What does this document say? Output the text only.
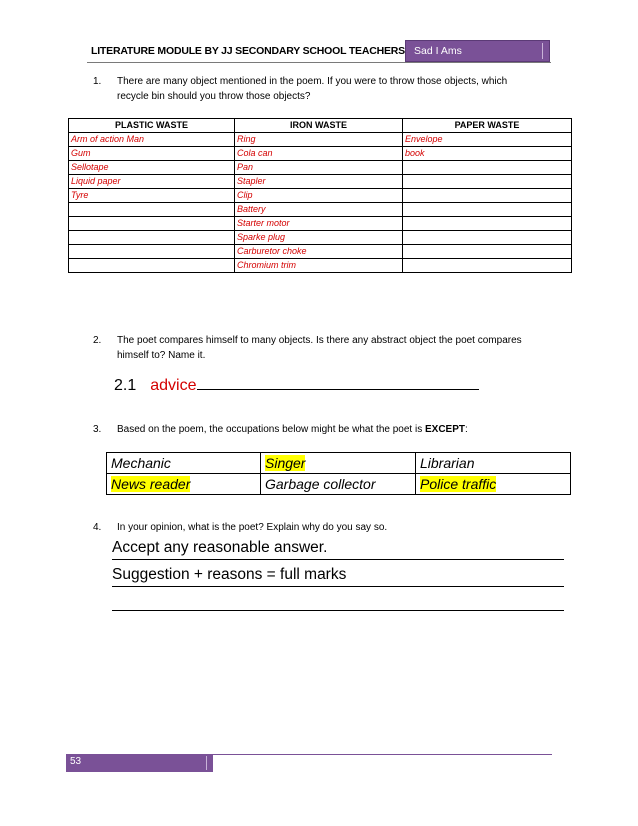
LITERATURE MODULE BY JJ SECONDARY SCHOOL TEACHERS Sad I Ams
1. There are many object mentioned in the poem. If you were to throw those objects, which
recycle bin should you throw those objects?
PLASTIC WASTE	IRON WASTE	PAPER WASTE
Arm of action Man	Ring	Envelope
Gum	Cola can	book
Sellotape	Pan	
Liquid paper	Stapler	
Tyre	Clip	
	Battery	
	Starter motor	
	Sparke plug	
	Carburetor choke	
	Chromium trim	
2. The poet compares himself to many objects. Is there any abstract object the poet compares
himself to? Name it.
2.1 advice
3. Based on the poem, the occupations below might be what the poet is EXCEPT:
Mechanic	Singer	Librarian
News reader	Garbage collector	Police traffic
4. In your opinion, what is the poet? Explain why do you say so.
Accept any reasonable answer.
Suggestion + reasons = full marks
53
